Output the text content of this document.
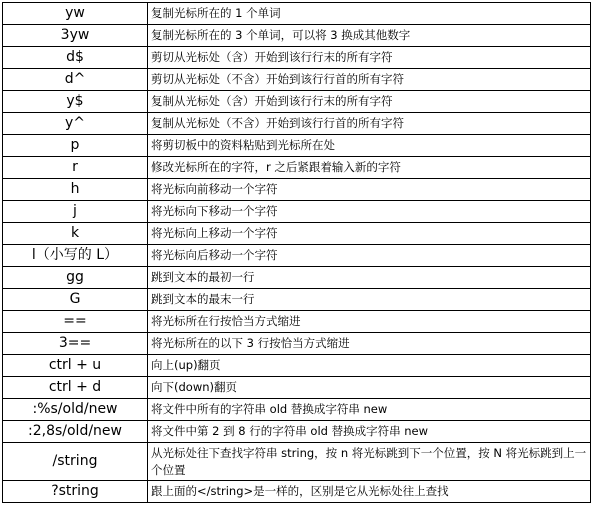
yw	复制光标所在的 1 个单词
3yw	复制光标所在的 3 个单词，可以将 3 换成其他数字
d$	剪切从光标处（含）开始到该行行末的所有字符
d^	剪切从光标处（不含）开始到该行行首的所有字符
y$	复制从光标处（含）开始到该行行末的所有字符
y^	复制从光标处（不含）开始到该行行首的所有字符
p	将剪切板中的资料粘贴到光标所在处
r	修改光标所在的字符，r 之后紧跟着输入新的字符
h	将光标向前移动一个字符
j	将光标向下移动一个字符
k	将光标向上移动一个字符
l（小写的 L）	将光标向后移动一个字符
gg	跳到文本的最初一行
G	跳到文本的最末一行
==	将光标所在行按恰当方式缩进
3==	将光标所在的以下 3 行按恰当方式缩进
ctrl + u	向上(up)翻页
ctrl + d	向下(down)翻页
:%s/old/new	将文件中所有的字符串 old 替换成字符串 new
:2,8s/old/new	将文件中第 2 到 8 行的字符串 old 替换成字符串 new
/string	从光标处往下查找字符串 string，按 n 将光标跳到下一个位置，按 N 将光标跳到上一个位置
?string	跟上面的</string>是一样的，区别是它从光标处往上查找
